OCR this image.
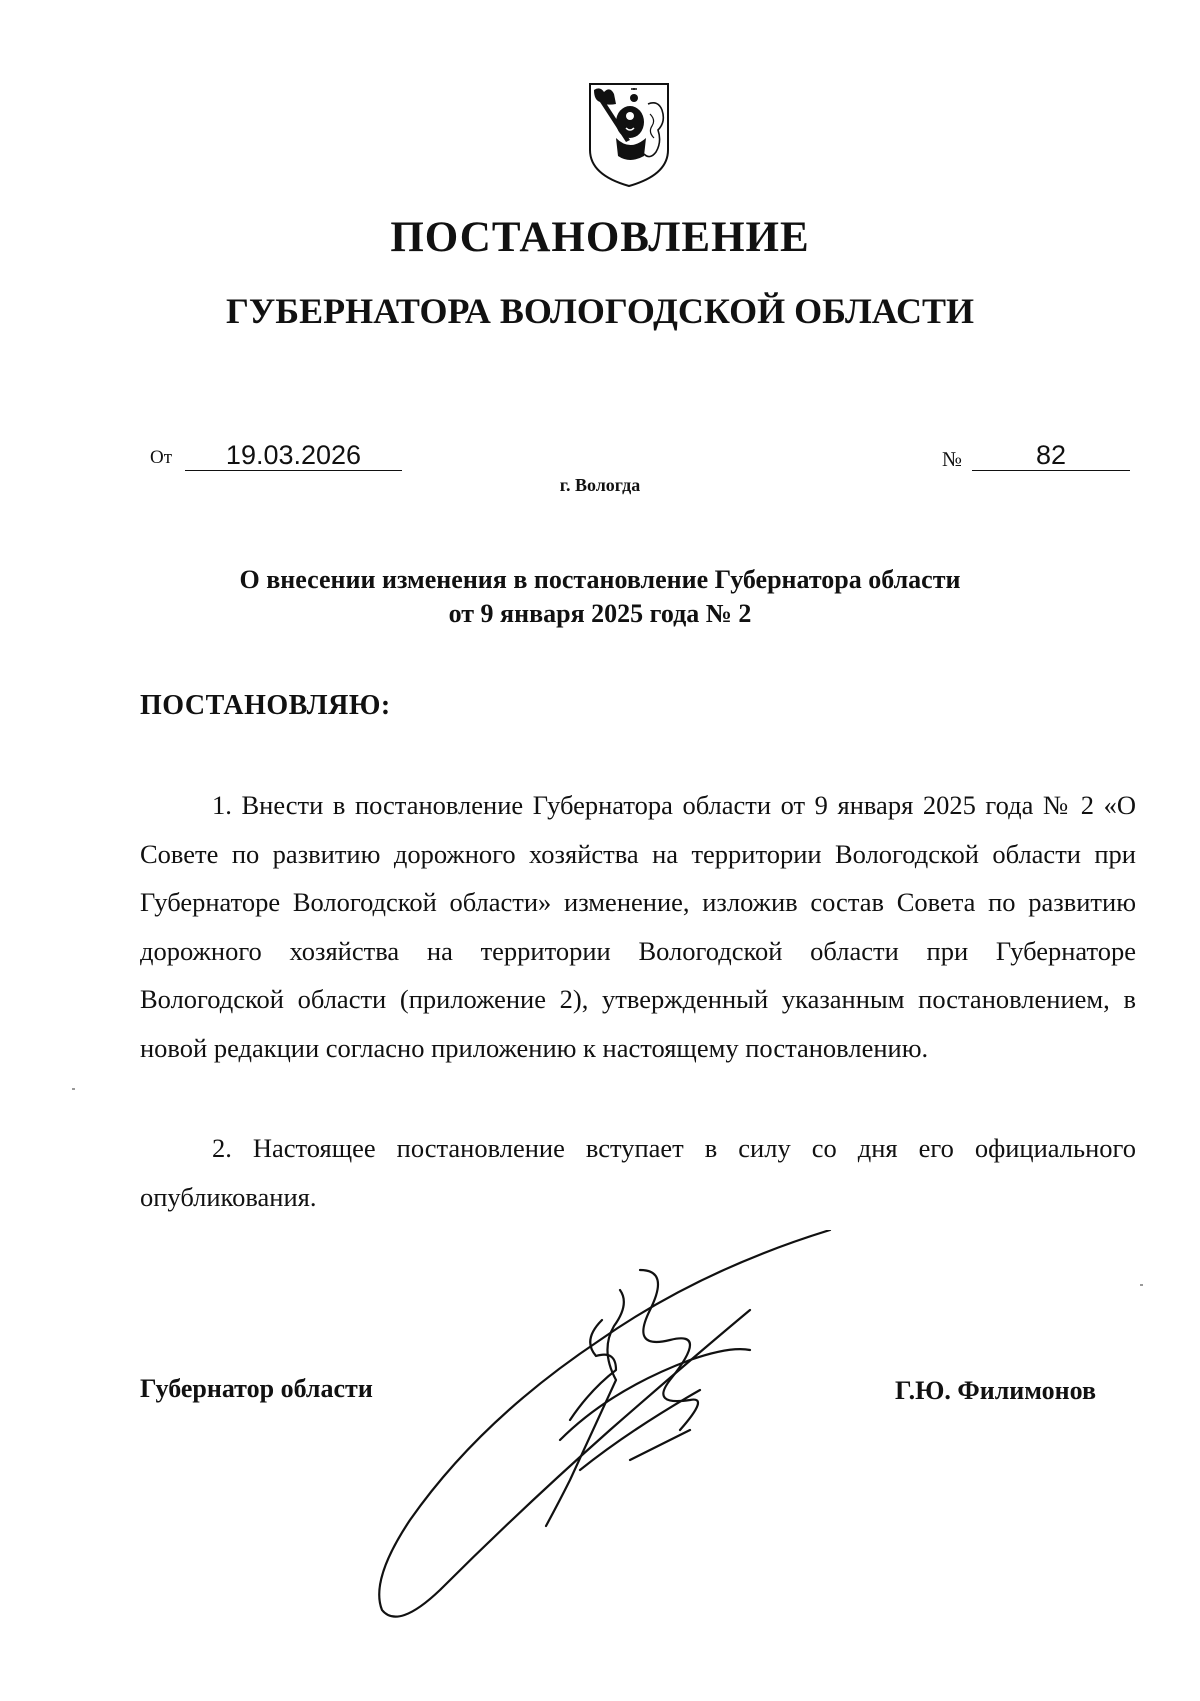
ПОСТАНОВЛЕНИЕ
ГУБЕРНАТОРА ВОЛОГОДСКОЙ ОБЛАСТИ
От	19.03.2026
г. Вологда
№	82
О внесении изменения в постановление Губернатора области
от 9 января 2025 года № 2
ПОСТАНОВЛЯЮ:

1. Внести в постановление Губернатора области от 9 января 2025 года № 2 «О Совете по развитию дорожного хозяйства на территории Вологодской области при Губернаторе Вологодской области» изменение, изложив состав Совета по развитию дорожного хозяйства на территории Вологодской области при Губернаторе Вологодской области (приложение 2), утвержденный указанным постановлением, в новой редакции согласно приложению к настоящему постановлению.

2. Настоящее постановление вступает в силу со дня его официального опубликования.

Губернатор области	Г.Ю. Филимонов
